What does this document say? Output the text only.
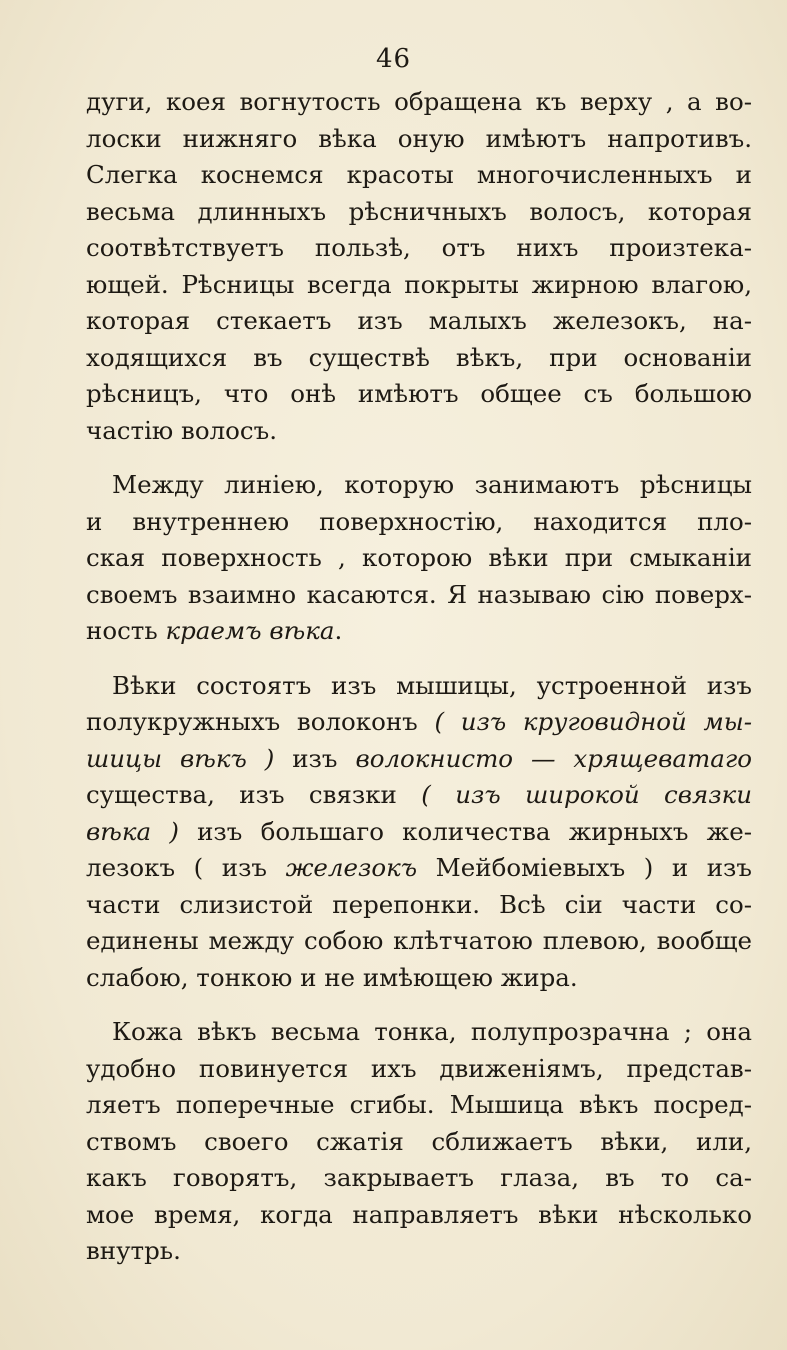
46
дуги, коея вогнутость обращена къ верху , а во-
лоски нижняго вѣка оную имѣютъ напротивъ.
Слегка коснемся красоты многочисленныхъ и
весьма длинныхъ рѣсничныхъ волосъ, которая
соотвѣтствуетъ пользѣ, отъ нихъ произтека-
ющей. Рѣсницы всегда покрыты жирною влагою,
которая стекаетъ изъ малыхъ железокъ, на-
ходящихся въ существѣ вѣкъ, при основанiи
рѣсницъ, что онѣ имѣютъ общее съ большою
частiю волосъ.
Между линiею, которую занимаютъ рѣсницы
и внутреннею поверхностiю, находится пло-
ская поверхность , которою вѣки при смыканiи
своемъ взаимно касаются. Я называю сiю поверх-
ность краемъ вѣка.
Вѣки состоятъ изъ мышицы, устроенной изъ
полукружныхъ волоконъ ( изъ круговидной мы-
шицы вѣкъ ) изъ волокнисто — хрящеватаго
существа, изъ связки ( изъ широкой связки
вѣка ) изъ большаго количества жирныхъ же-
лезокъ ( изъ железокъ Мейбомiевыхъ ) и изъ
части слизистой перепонки. Всѣ сiи части со-
единены между собою клѣтчатою плевою, вообще
слабою, тонкою и не имѣющею жира.
Кожа вѣкъ весьма тонка, полупрозрачна ; она
удобно повинуется ихъ движенiямъ, представ-
ляетъ поперечные сгибы. Мышица вѣкъ посред-
ствомъ своего сжатiя сближаетъ вѣки, или,
какъ говорятъ, закрываетъ глаза, въ то са-
мое время, когда направляетъ вѣки нѣсколько
внутрь.
